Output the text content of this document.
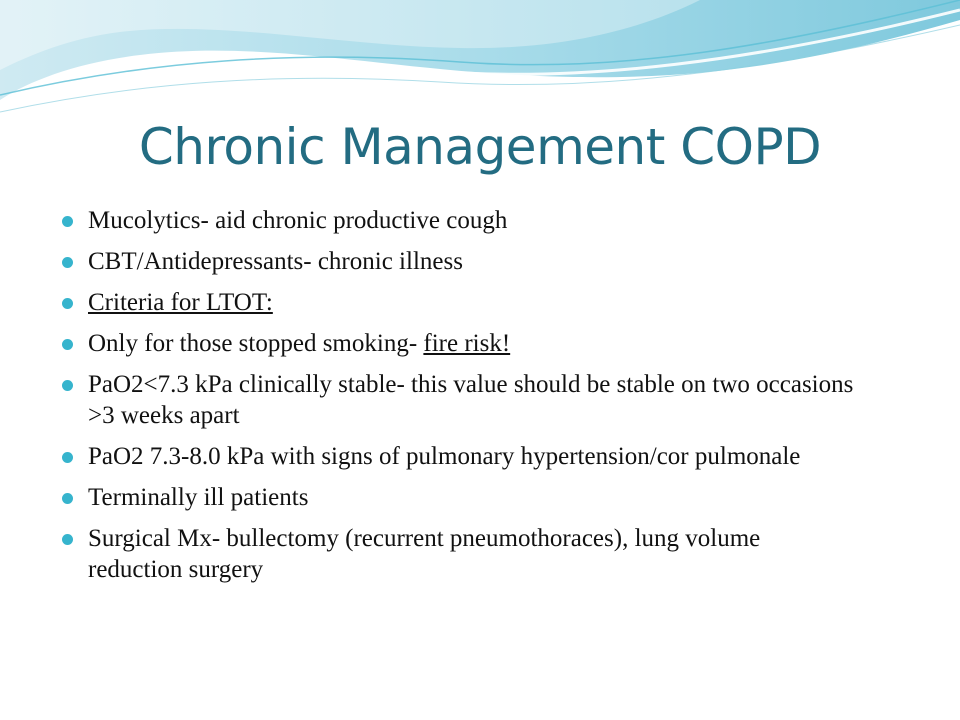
Chronic Management COPD
Mucolytics- aid chronic productive cough
CBT/Antidepressants- chronic illness
Criteria for LTOT:
Only for those stopped smoking- fire risk!
PaO2<7.3 kPa clinically stable- this value should be stable on two occasions >3 weeks apart
PaO2 7.3-8.0 kPa with signs of pulmonary hypertension/cor pulmonale
Terminally ill patients
Surgical Mx- bullectomy (recurrent pneumothoraces), lung volume reduction surgery
